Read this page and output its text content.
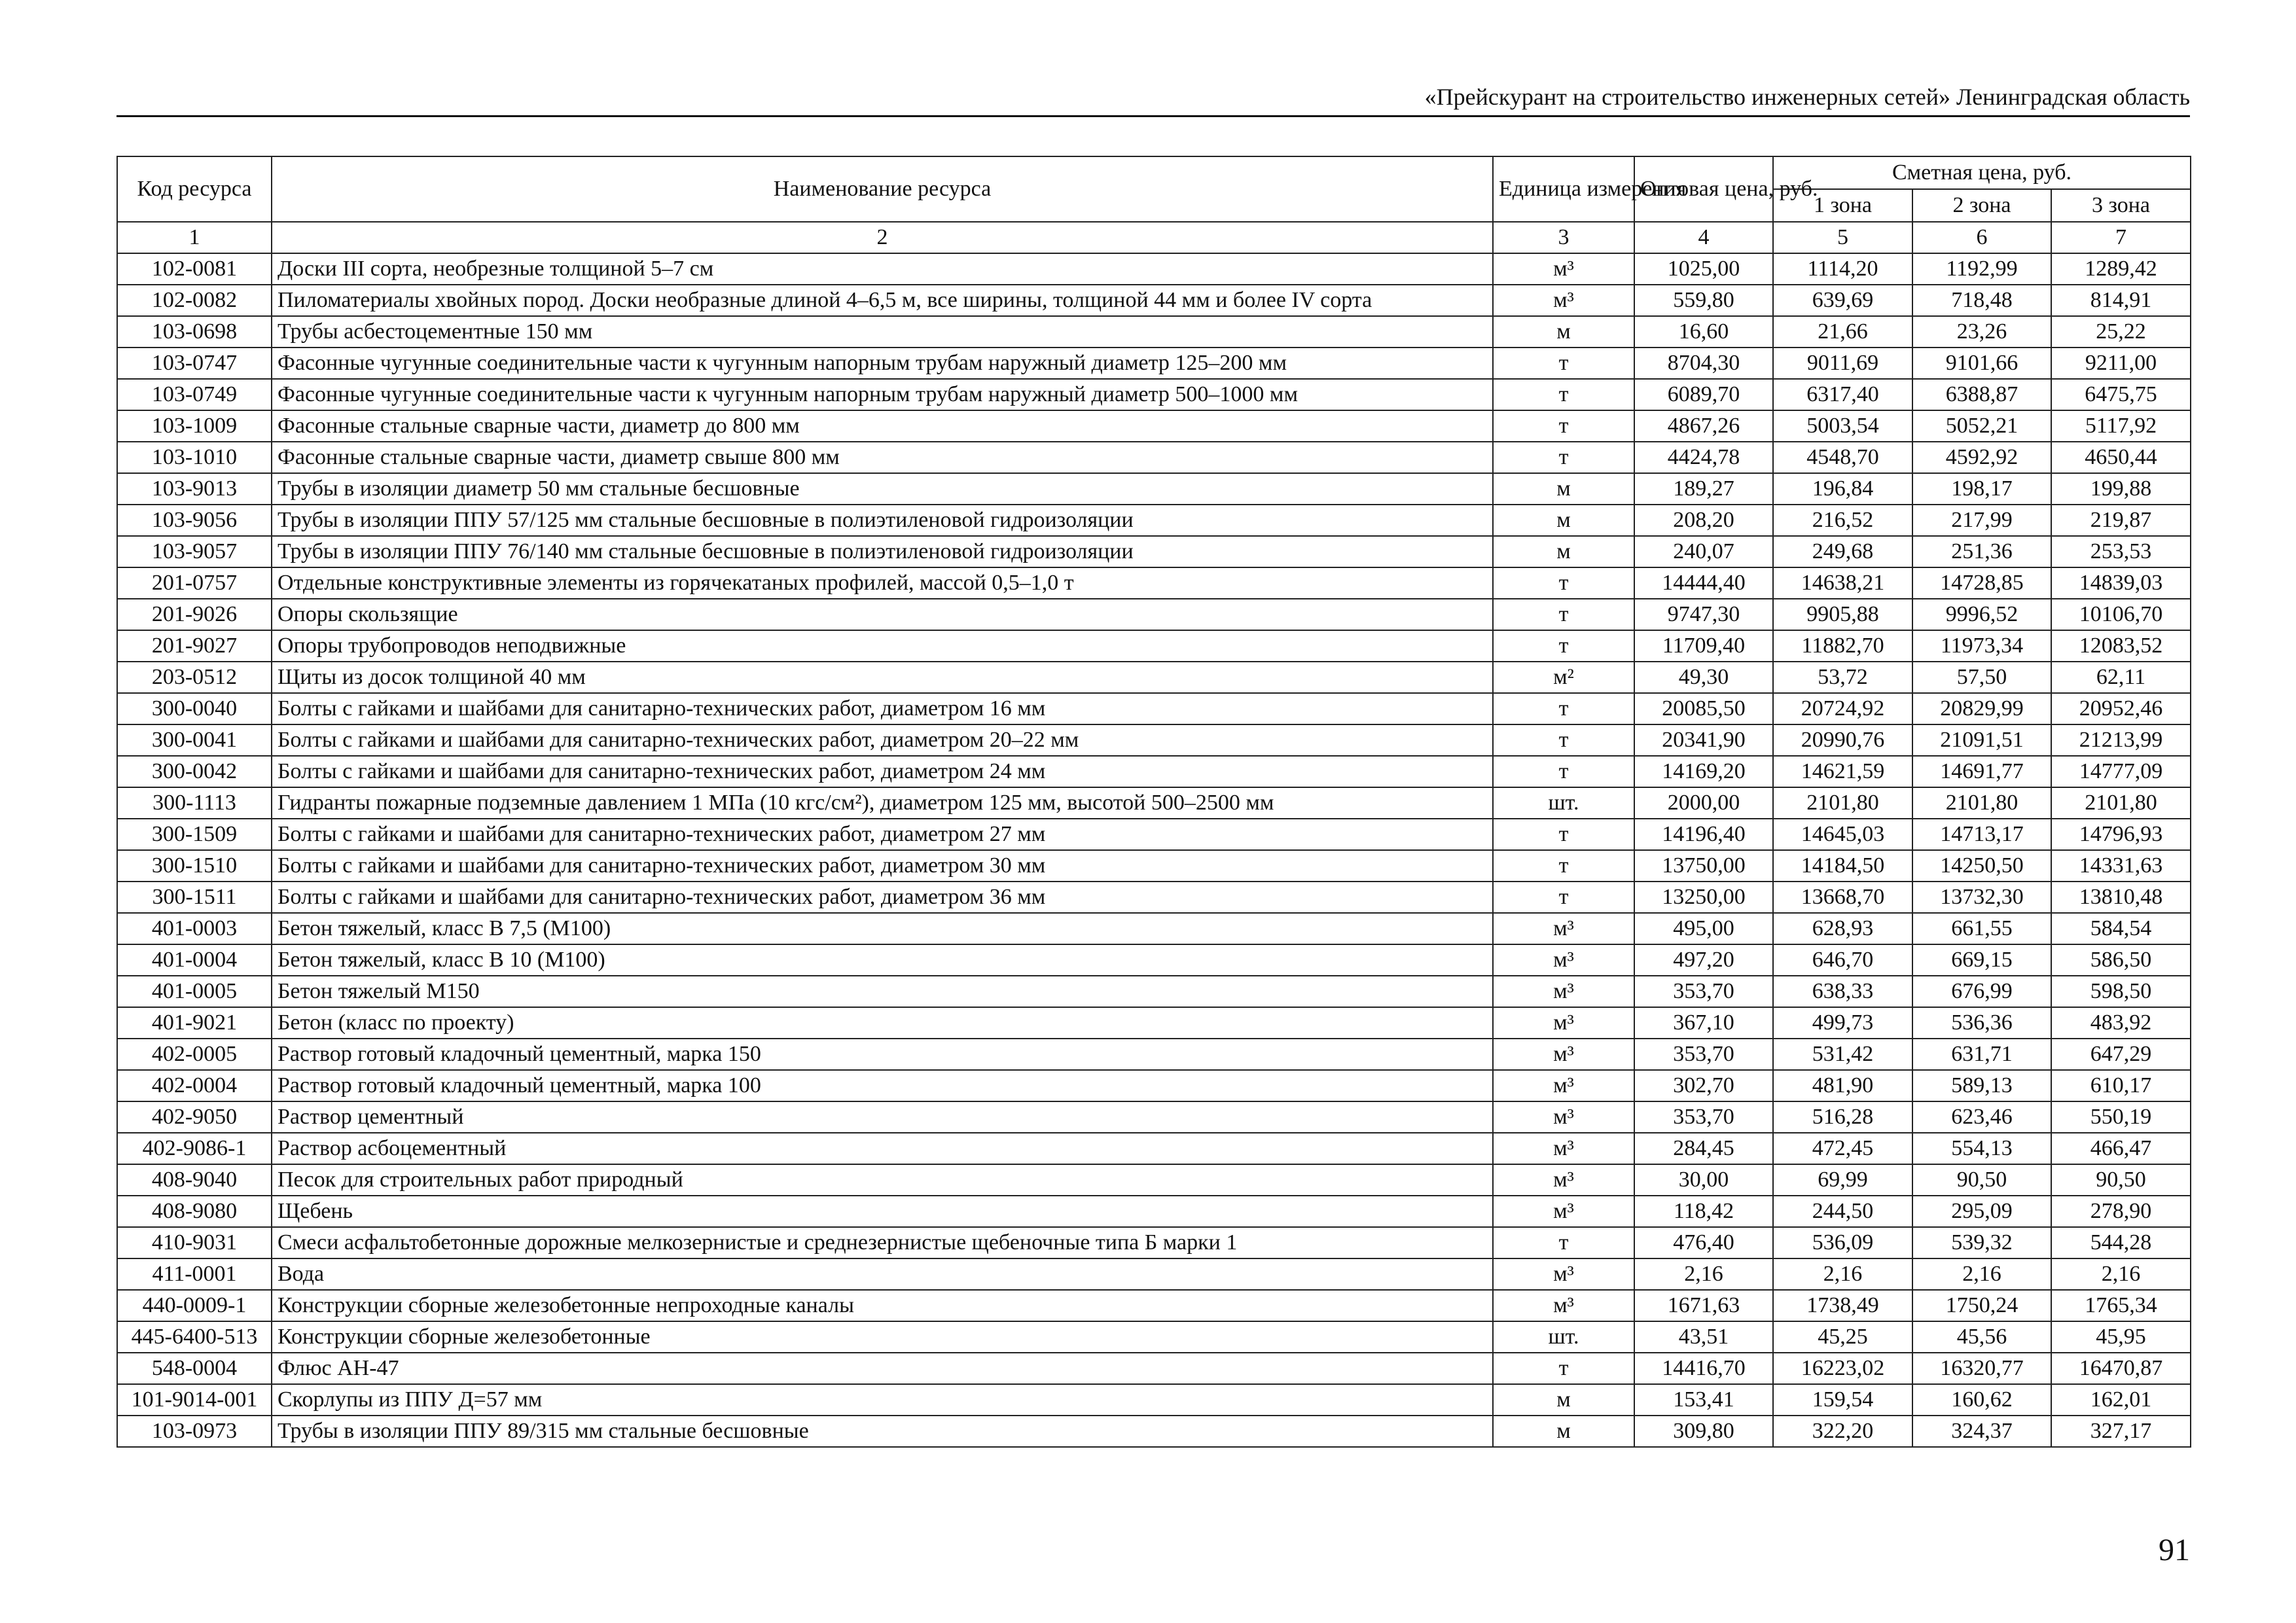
«Прейскурант на строительство инженерных сетей» Ленинградская область
Код ресурса	Наименование ресурса	Единица измерения	Оптовая цена, руб.	Сметная цена, руб.		
				1 зона	2 зона	3 зона
1	2	3	4	5	6	7
102-0081	Доски III сорта, необрезные толщиной 5–7 см	м³	1025,00	1114,20	1192,99	1289,42
102-0082	Пиломатериалы хвойных пород. Доски необразные длиной 4–6,5 м, все ширины, толщиной 44 мм и более IV сорта	м³	559,80	639,69	718,48	814,91
103-0698	Трубы асбестоцементные 150 мм	м	16,60	21,66	23,26	25,22
103-0747	Фасонные чугунные соединительные части к чугунным напорным трубам наружный диаметр 125–200 мм	т	8704,30	9011,69	9101,66	9211,00
103-0749	Фасонные чугунные соединительные части к чугунным напорным трубам наружный диаметр 500–1000 мм	т	6089,70	6317,40	6388,87	6475,75
103-1009	Фасонные стальные сварные части, диаметр до 800 мм	т	4867,26	5003,54	5052,21	5117,92
103-1010	Фасонные стальные сварные части, диаметр свыше 800 мм	т	4424,78	4548,70	4592,92	4650,44
103-9013	Трубы в изоляции диаметр 50 мм стальные бесшовные	м	189,27	196,84	198,17	199,88
103-9056	Трубы в изоляции ППУ 57/125 мм стальные бесшовные в полиэтиленовой гидроизоляции	м	208,20	216,52	217,99	219,87
103-9057	Трубы в изоляции ППУ 76/140 мм стальные бесшовные в полиэтиленовой гидроизоляции	м	240,07	249,68	251,36	253,53
201-0757	Отдельные конструктивные элементы из горячекатаных профилей, массой 0,5–1,0 т	т	14444,40	14638,21	14728,85	14839,03
201-9026	Опоры скользящие	т	9747,30	9905,88	9996,52	10106,70
201-9027	Опоры трубопроводов неподвижные	т	11709,40	11882,70	11973,34	12083,52
203-0512	Щиты из досок толщиной 40 мм	м²	49,30	53,72	57,50	62,11
300-0040	Болты с гайками и шайбами для санитарно-технических работ, диаметром 16 мм	т	20085,50	20724,92	20829,99	20952,46
300-0041	Болты с гайками и шайбами для санитарно-технических работ, диаметром 20–22 мм	т	20341,90	20990,76	21091,51	21213,99
300-0042	Болты с гайками и шайбами для санитарно-технических работ, диаметром 24 мм	т	14169,20	14621,59	14691,77	14777,09
300-1113	Гидранты пожарные подземные давлением 1 МПа (10 кгс/см²), диаметром 125 мм, высотой 500–2500 мм	шт.	2000,00	2101,80	2101,80	2101,80
300-1509	Болты с гайками и шайбами для санитарно-технических работ, диаметром 27 мм	т	14196,40	14645,03	14713,17	14796,93
300-1510	Болты с гайками и шайбами для санитарно-технических работ, диаметром 30 мм	т	13750,00	14184,50	14250,50	14331,63
300-1511	Болты с гайками и шайбами для санитарно-технических работ, диаметром 36 мм	т	13250,00	13668,70	13732,30	13810,48
401-0003	Бетон тяжелый, класс В 7,5 (М100)	м³	495,00	628,93	661,55	584,54
401-0004	Бетон тяжелый, класс В 10 (М100)	м³	497,20	646,70	669,15	586,50
401-0005	Бетон тяжелый М150	м³	353,70	638,33	676,99	598,50
401-9021	Бетон (класс по проекту)	м³	367,10	499,73	536,36	483,92
402-0005	Раствор готовый кладочный цементный, марка 150	м³	353,70	531,42	631,71	647,29
402-0004	Раствор готовый кладочный цементный, марка 100	м³	302,70	481,90	589,13	610,17
402-9050	Раствор цементный	м³	353,70	516,28	623,46	550,19
402-9086-1	Раствор асбоцементный	м³	284,45	472,45	554,13	466,47
408-9040	Песок для строительных работ природный	м³	30,00	69,99	90,50	90,50
408-9080	Щебень	м³	118,42	244,50	295,09	278,90
410-9031	Смеси асфальтобетонные дорожные мелкозернистые и среднезернистые щебеночные типа Б марки 1	т	476,40	536,09	539,32	544,28
411-0001	Вода	м³	2,16	2,16	2,16	2,16
440-0009-1	Конструкции сборные железобетонные непроходные каналы	м³	1671,63	1738,49	1750,24	1765,34
445-6400-513	Конструкции сборные железобетонные	шт.	43,51	45,25	45,56	45,95
548-0004	Флюс АН-47	т	14416,70	16223,02	16320,77	16470,87
101-9014-001	Скорлупы из ППУ Д=57 мм	м	153,41	159,54	160,62	162,01
103-0973	Трубы в изоляции ППУ 89/315 мм стальные бесшовные	м	309,80	322,20	324,37	327,17
91
